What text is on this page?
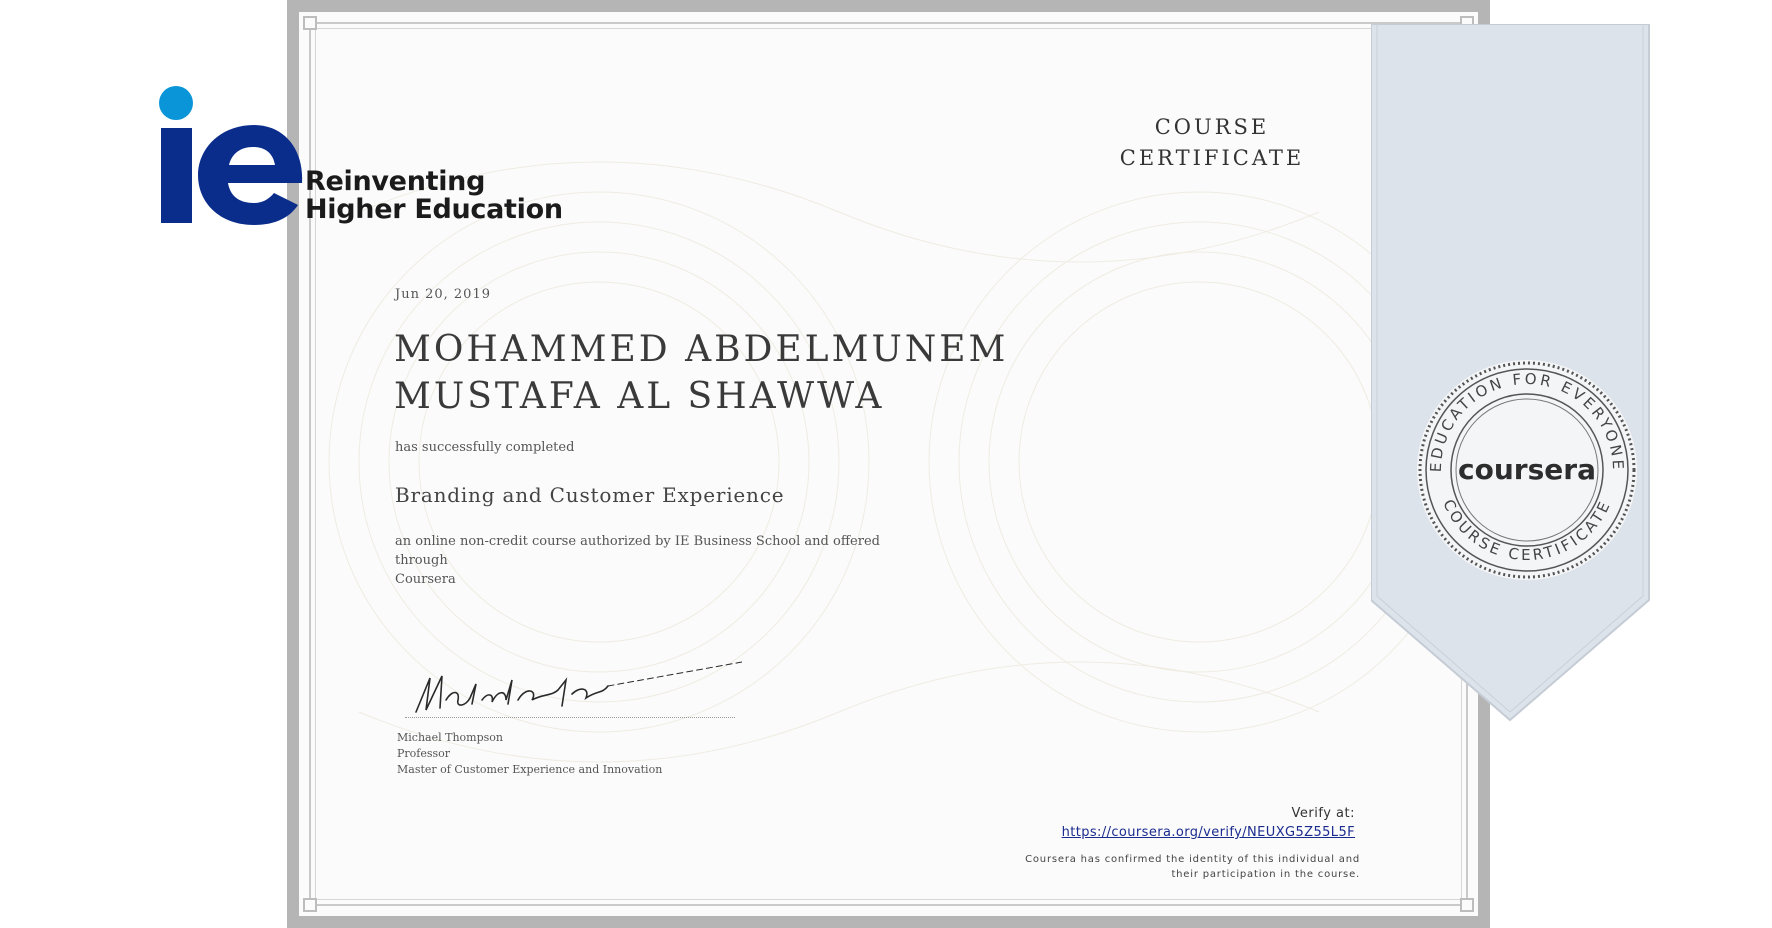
EDUCATION FOR EVERYONE
COURSE CERTIFICATE
coursera
Reinventing
Higher Education
Jun 20, 2019
MOHAMMED ABDELMUNEM
MUSTAFA AL SHAWWA
has successfully completed
Branding and Customer Experience
an online non-credit course authorized by IE Business School and offered through
Coursera
Michael Thompson
Professor
Master of Customer Experience and Innovation
COURSE
CERTIFICATE
Verify at:
https://coursera.org/verify/NEUXG5Z55L5F
Coursera has confirmed the identity of this individual and
their participation in the course.
